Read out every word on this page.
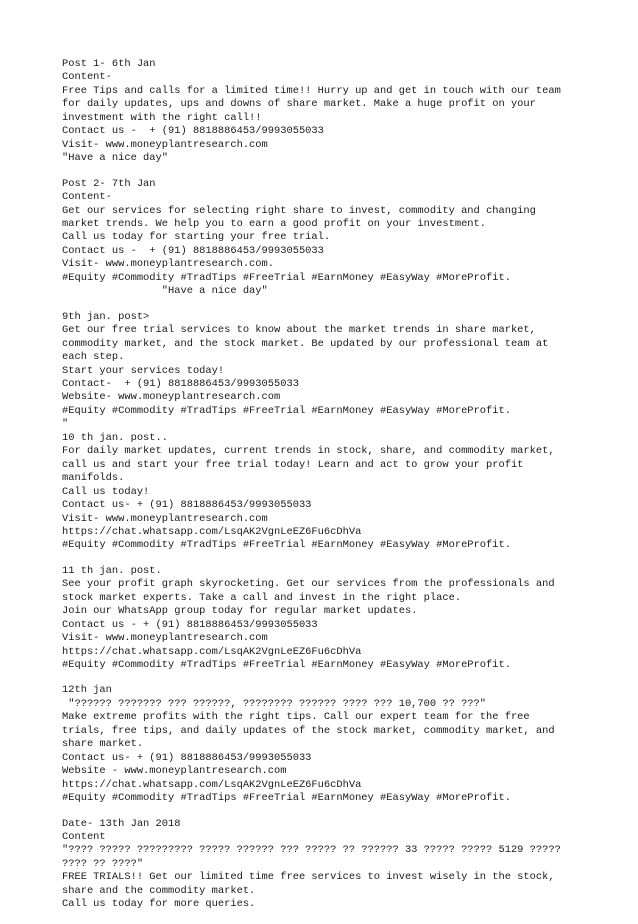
Post 1- 6th Jan
Content-
Free Tips and calls for a limited time!! Hurry up and get in touch with our team
for daily updates, ups and downs of share market. Make a huge profit on your
investment with the right call!!
Contact us -  + (91) 8818886453/9993055033
Visit- www.moneyplantresearch.com
"Have a nice day"
Post 2- 7th Jan
Content-
Get our services for selecting right share to invest, commodity and changing
market trends. We help you to earn a good profit on your investment.
Call us today for starting your free trial.
Contact us -  + (91) 8818886453/9993055033
Visit- www.moneyplantresearch.com.
#Equity #Commodity #TradTips #FreeTrial #EarnMoney #EasyWay #MoreProfit.
"Have a nice day"
9th jan. post>
Get our free trial services to know about the market trends in share market,
commodity market, and the stock market. Be updated by our professional team at
each step.
Start your services today!
Contact-  + (91) 8818886453/9993055033
Website- www.moneyplantresearch.com
#Equity #Commodity #TradTips #FreeTrial #EarnMoney #EasyWay #MoreProfit.
"
10 th jan. post..
For daily market updates, current trends in stock, share, and commodity market,
call us and start your free trial today! Learn and act to grow your profit
manifolds.
Call us today!
Contact us- + (91) 8818886453/9993055033
Visit- www.moneyplantresearch.com
https://chat.whatsapp.com/LsqAK2VgnLeEZ6Fu6cDhVa
#Equity #Commodity #TradTips #FreeTrial #EarnMoney #EasyWay #MoreProfit.
11 th jan. post.
See your profit graph skyrocketing. Get our services from the professionals and
stock market experts. Take a call and invest in the right place.
Join our WhatsApp group today for regular market updates.
Contact us - + (91) 8818886453/9993055033
Visit- www.moneyplantresearch.com
https://chat.whatsapp.com/LsqAK2VgnLeEZ6Fu6cDhVa
#Equity #Commodity #TradTips #FreeTrial #EarnMoney #EasyWay #MoreProfit.
12th jan
"?????? ??????? ??? ??????, ???????? ?????? ???? ??? 10,700 ?? ???"
Make extreme profits with the right tips. Call our expert team for the free
trials, free tips, and daily updates of the stock market, commodity market, and
share market.
Contact us- + (91) 8818886453/9993055033
Website - www.moneyplantresearch.com
https://chat.whatsapp.com/LsqAK2VgnLeEZ6Fu6cDhVa
#Equity #Commodity #TradTips #FreeTrial #EarnMoney #EasyWay #MoreProfit.
Date- 13th Jan 2018
Content
"???? ????? ????????? ????? ?????? ??? ????? ?? ?????? 33 ????? ????? 5129 ?????
???? ?? ????"
FREE TRIALS!! Get our limited time free services to invest wisely in the stock,
share and the commodity market.
Call us today for more queries.
